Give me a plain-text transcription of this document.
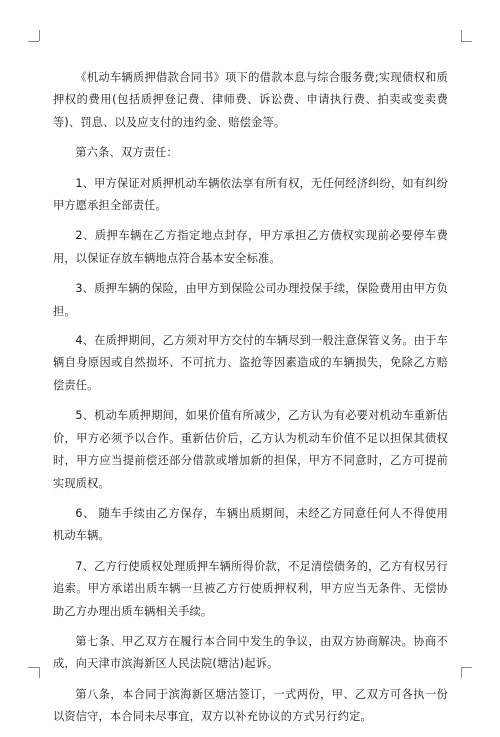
《机动车辆质押借款合同书》项下的借款本息与综合服务费;实现债权和质押权的费用(包括质押登记费、律师费、诉讼费、申请执行费、拍卖或变卖费等)、罚息、以及应支付的违约金、赔偿金等。

第六条、双方责任：

1、甲方保证对质押机动车辆依法享有所有权，无任何经济纠纷，如有纠纷甲方愿承担全部责任。

2、质押车辆在乙方指定地点封存，甲方承担乙方债权实现前必要停车费用，以保证存放车辆地点符合基本安全标准。

3、质押车辆的保险，由甲方到保险公司办理投保手续，保险费用由甲方负担。

4、在质押期间，乙方须对甲方交付的车辆尽到一般注意保管义务。由于车辆自身原因或自然损坏、不可抗力、盗抢等因素造成的车辆损失，免除乙方赔偿责任。

5、机动车质押期间，如果价值有所减少，乙方认为有必要对机动车重新估价，甲方必须予以合作。重新估价后，乙方认为机动车价值不足以担保其债权时，甲方应当提前偿还部分借款或增加新的担保，甲方不同意时，乙方可提前实现质权。

6、 随车手续由乙方保存，车辆出质期间，未经乙方同意任何人不得使用机动车辆。

7、乙方行使质权处理质押车辆所得价款，不足清偿债务的，乙方有权另行追索。甲方承诺出质车辆一旦被乙方行使质押权利，甲方应当无条件、无偿协助乙方办理出质车辆相关手续。

第七条、甲乙双方在履行本合同中发生的争议，由双方协商解决。协商不成，向天津市滨海新区人民法院(塘沽)起诉。

第八条，本合同于滨海新区塘沽签订，一式两份，甲、乙双方可各执一份以资信守，本合同未尽事宜，双方以补充协议的方式另行约定。
